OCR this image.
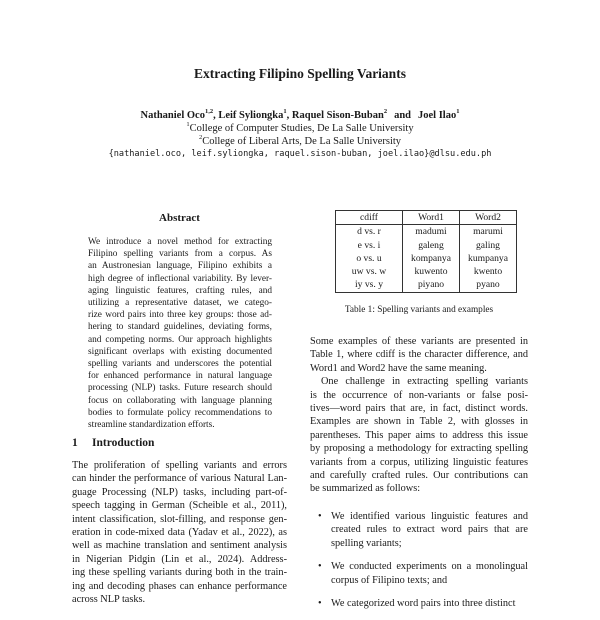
Extracting Filipino Spelling Variants
Nathaniel Oco$^{1,2}$, Leif Syliongka$^1$, Raquel Sison-Buban$^2$ and Joel Ilao$^1$
$^1$College of Computer Studies, De La Salle University
$^2$College of Liberal Arts, De La Salle University
{nathaniel.oco, leif.syliongka, raquel.sison-buban, joel.ilao}@dlsu.edu.ph
Abstract
We introduce a novel method for extracting
Filipino spelling variants from a corpus. As
an Austronesian language, Filipino exhibits a
high degree of inflectional variability. By lever-
aging linguistic features, crafting rules, and
utilizing a representative dataset, we catego-
rize word pairs into three key groups: those ad-
hering to standard guidelines, deviating forms,
and competing norms. Our approach highlights
significant overlaps with existing documented
spelling variants and underscores the potential
for enhanced performance in natural language
processing (NLP) tasks. Future research should
focus on collaborating with language planning
bodies to formulate policy recommendations to
streamline standardization efforts.
1 Introduction
The proliferation of spelling variants and errors
can hinder the performance of various Natural Lan-
guage Processing (NLP) tasks, including part-of-
speech tagging in German (Scheible et al., 2011),
intent classification, slot-filling, and response gen-
eration in code-mixed data (Yadav et al., 2022), as
well as machine translation and sentiment analysis
in Nigerian Pidgin (Lin et al., 2024). Address-
ing these spelling variants during both in the train-
ing and decoding phases can enhance performance
across NLP tasks.
cdiff	Word1	Word2
d vs. r	madumi	marumi
e vs. i	galeng	galing
o vs. u	kompanya	kumpanya
uw vs. w	kuwento	kwento
iy vs. y	piyano	pyano
Table 1: Spelling variants and examples
Some examples of these variants are presented in
Table 1, where cdiff is the character difference, and
Word1 and Word2 have the same meaning.
One challenge in extracting spelling variants
is the occurrence of non-variants or false posi-
tives—word pairs that are, in fact, distinct words.
Examples are shown in Table 2, with glosses in
parentheses. This paper aims to address this issue
by proposing a methodology for extracting spelling
variants from a corpus, utilizing linguistic features
and carefully crafted rules. Our contributions can
be summarized as follows:
• We identified various linguistic features and
created rules to extract word pairs that are
spelling variants;
• We conducted experiments on a monolingual
corpus of Filipino texts; and
• We categorized word pairs into three distinct
